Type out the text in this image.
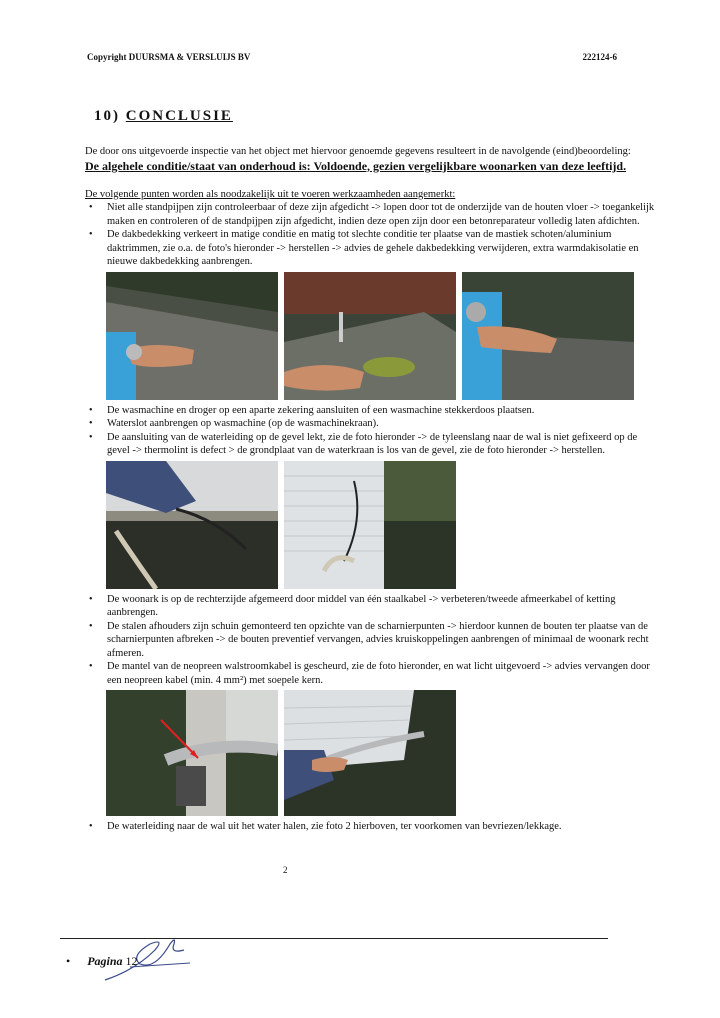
Copyright DUURSMA & VERSLUIJS BV	222124-6
10) CONCLUSIE

De door ons uitgevoerde inspectie van het object met hiervoor genoemde gegevens resulteert in de navolgende (eind)beoordeling:

De algehele conditie/staat van onderhoud is: Voldoende, gezien vergelijkbare woonarken van deze leeftijd.

De volgende punten worden als noodzakelijk uit te voeren werkzaamheden aangemerkt:

• Niet alle standpijpen zijn controleerbaar of deze zijn afgedicht -> lopen door tot de onderzijde van de houten vloer -> toegankelijk maken en controleren of de standpijpen zijn afgedicht, indien deze open zijn door een betonreparateur volledig laten afdichten.
• De dakbedekking verkeert in matige conditie en matig tot slechte conditie ter plaatse van de mastiek schoten/aluminium daktrimmen, zie o.a. de foto's hieronder -> herstellen -> advies de gehele dakbedekking verwijderen, extra warmdakisolatie en nieuwe dakbedekking aanbrengen.
• De wasmachine en droger op een aparte zekering aansluiten of een wasmachine stekkerdoos plaatsen.
• Waterslot aanbrengen op wasmachine (op de wasmachinekraan).
• De aansluiting van de waterleiding op de gevel lekt, zie de foto hieronder -> de tyleenslang naar de wal is niet gefixeerd op de gevel -> thermolint is defect > de grondplaat van de waterkraan is los van de gevel, zie de foto hieronder -> herstellen.
• De woonark is op de rechterzijde afgemeerd door middel van één staalkabel -> verbeteren/tweede afmeerkabel of ketting aanbrengen.
• De stalen afhouders zijn schuin gemonteerd ten opzichte van de scharnierpunten -> hierdoor kunnen de bouten ter plaatse van de scharnierpunten afbreken -> de bouten preventief vervangen, advies kruiskoppelingen aanbrengen of minimaal de woonark recht afmeren.
• De mantel van de neopreen walstroomkabel is gescheurd, zie de foto hieronder, en wat licht uitgevoerd -> advies vervangen door een neopreen kabel (min. 4 mm²) met soepele kern.
• De waterleiding naar de wal uit het water halen, zie foto 2 hierboven, ter voorkomen van bevriezen/lekkage.
2
• Pagina 12
